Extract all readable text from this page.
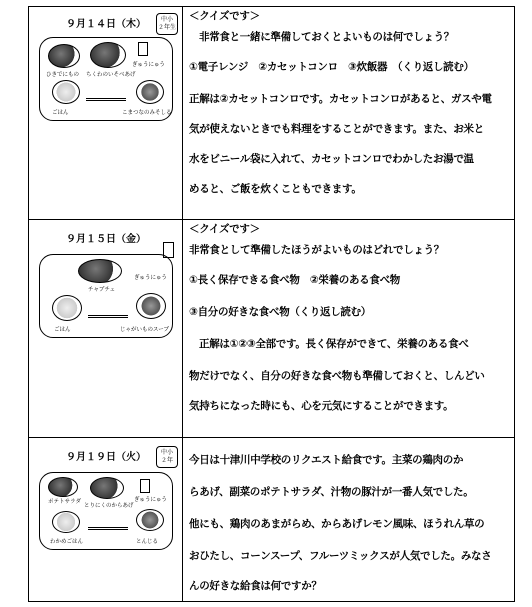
９月１４日（木）	中小
２年生
ひきでにもの ちくわのいそべあげ
ぎゅうにゅう
ごはん	こまつなのみそしる
＜クイズです＞
非常食と一緒に準備しておくとよいものは何でしょう？
①電子レンジ　②カセットコンロ　③炊飯器　（くり返し読む）
正解は②カセットコンロです。カセットコンロがあると、ガスや電
気が使えないときでも料理をすることができます。また、お米と
水をビニール袋に入れて、カセットコンロでわかしたお湯で温
めると、ご飯を炊くこともできます。
９月１５日（金）
ぎゅうにゅう
チャプチェ
ごはん	じゃがいものスープ
＜クイズです＞
非常食として準備したほうがよいものはどれでしょう？
①長く保存できる食べ物　②栄養のある食べ物
③自分の好きな食べ物（くり返し読む）
正解は①②③全部です。長く保存ができて、栄養のある食べ
物だけでなく、自分の好きな食べ物も準備しておくと、しんどい
気持ちになった時にも、心を元気にすることができます。
９月１９日（火）	中小
２年
ポテトサラダ
とりにくのからあげ
ぎゅうにゅう
わかめごはん	とんじる
今日は十津川中学校のリクエスト給食です。主菜の鶏肉のか
らあげ、副菜のポテトサラダ、汁物の豚汁が一番人気でした。
他にも、鶏肉のあまがらめ、からあげレモン風味、ほうれん草の
おひたし、コーンスープ、フルーツミックスが人気でした。みなさ
んの好きな給食は何ですか？
